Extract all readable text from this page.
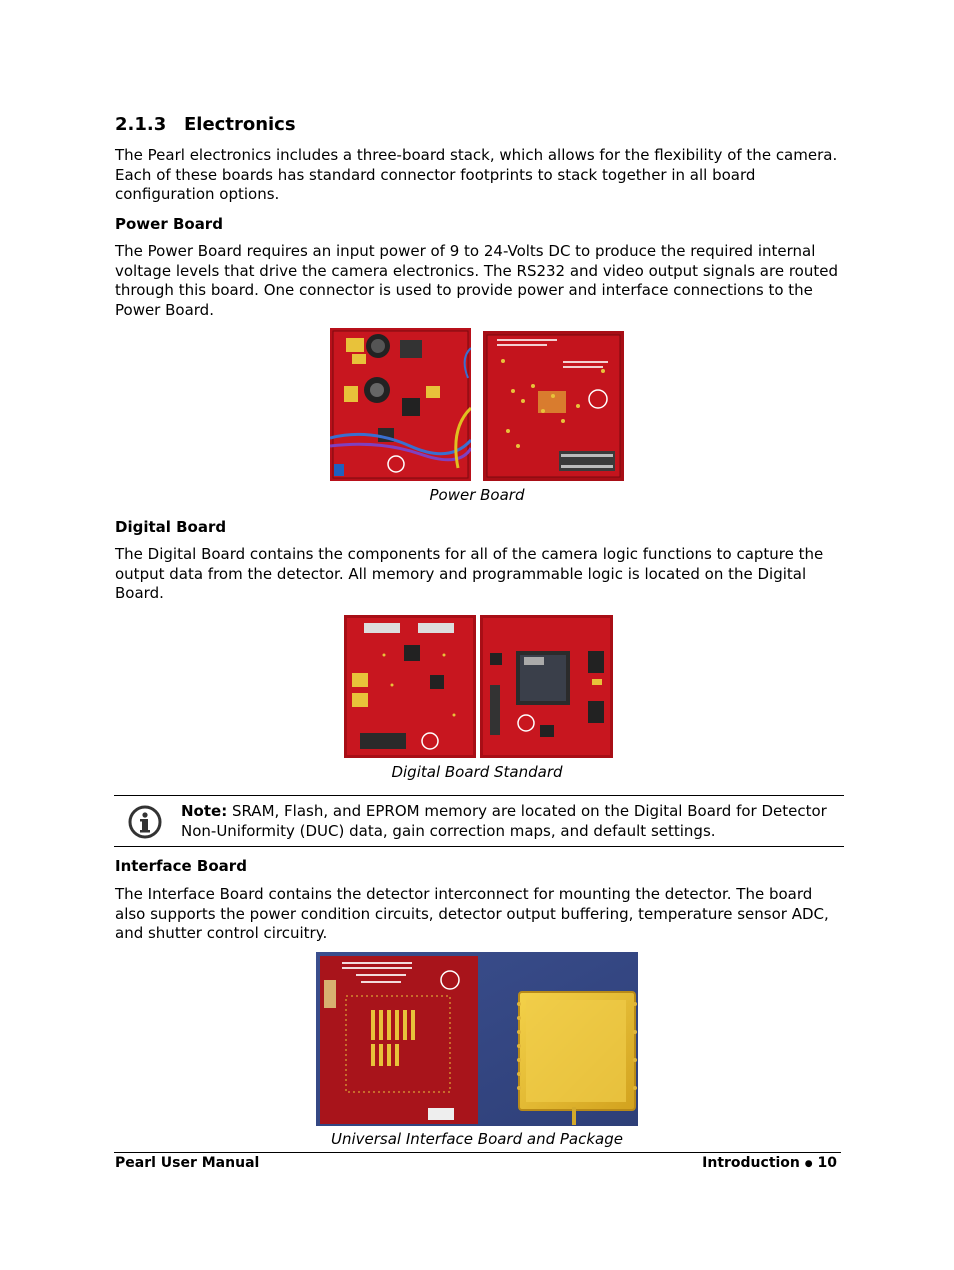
2.1.3 Electronics
The Pearl electronics includes a three-board stack, which allows for the flexibility of the camera.
Each of these boards has standard connector footprints to stack together in all board
configuration options.
Power Board
The Power Board requires an input power of 9 to 24-Volts DC to produce the required internal
voltage levels that drive the camera electronics. The RS232 and video output signals are routed
through this board. One connector is used to provide power and interface connections to the
Power Board.
Power Board
Digital Board
The Digital Board contains the components for all of the camera logic functions to capture the
output data from the detector. All memory and programmable logic is located on the Digital
Board.
Digital Board Standard
Note: SRAM, Flash, and EPROM memory are located on the Digital Board for Detector
Non-Uniformity (DUC) data, gain correction maps, and default settings.
Interface Board
The Interface Board contains the detector interconnect for mounting the detector. The board
also supports the power condition circuits, detector output buffering, temperature sensor ADC,
and shutter control circuitry.
Universal Interface Board and Package
Pearl User Manual	Introduction ● 10
